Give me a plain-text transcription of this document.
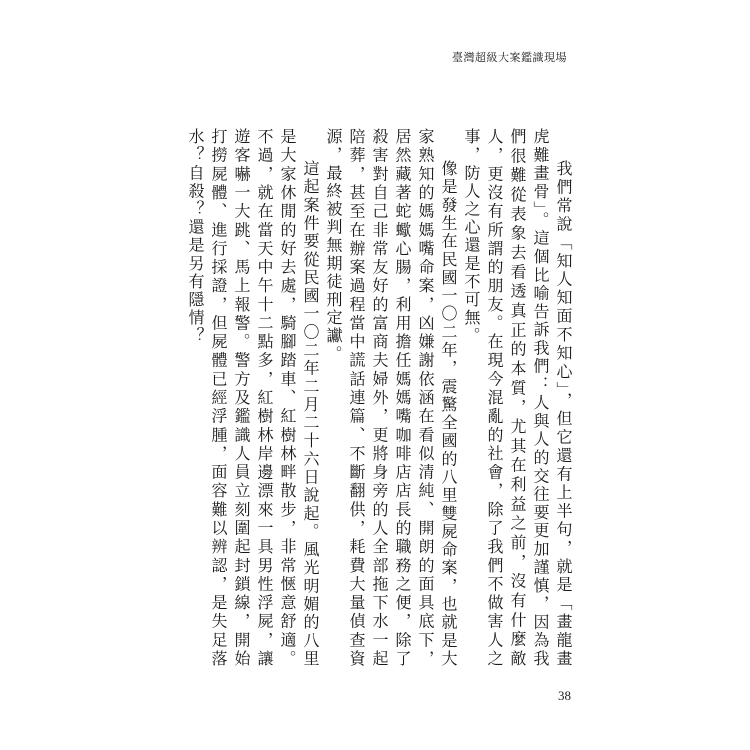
臺灣超級大案鑑識現場

我們常說「知人知面不知心」，但它還有上半句，就是「畫龍畫虎難畫骨」。這個比喻告訴我們：人與人的交往要更加謹慎，因為我們很難從表象去看透真正的本質，尤其在利益之前，沒有什麼敵人，更沒有所謂的朋友。在現今混亂的社會，除了我們不做害人之事，防人之心還是不可無。

像是發生在民國一〇二年，震驚全國的八里雙屍命案，也就是大家熟知的媽媽嘴命案，凶嫌謝依涵在看似清純、開朗的面具底下，居然藏著蛇蠍心腸，利用擔任媽媽嘴咖啡店店長的職務之便，除了殺害對自己非常友好的富商夫婦外，更將身旁的人全部拖下水一起陪葬，甚至在辦案過程當中謊話連篇、不斷翻供，耗費大量偵查資源，最終被判無期徒刑定讞。

這起案件要從民國一〇二年二月二十六日說起。風光明媚的八里是大家休閒的好去處，騎腳踏車、紅樹林畔散步，非常愜意舒適。不過，就在當天中午十二點多，紅樹林岸邊漂來一具男性浮屍，讓遊客嚇一大跳、馬上報警。警方及鑑識人員立刻圍起封鎖線，開始打撈屍體、進行採證，但屍體已經浮腫，面容難以辨認，是失足落水？自殺？還是另有隱情？

38
